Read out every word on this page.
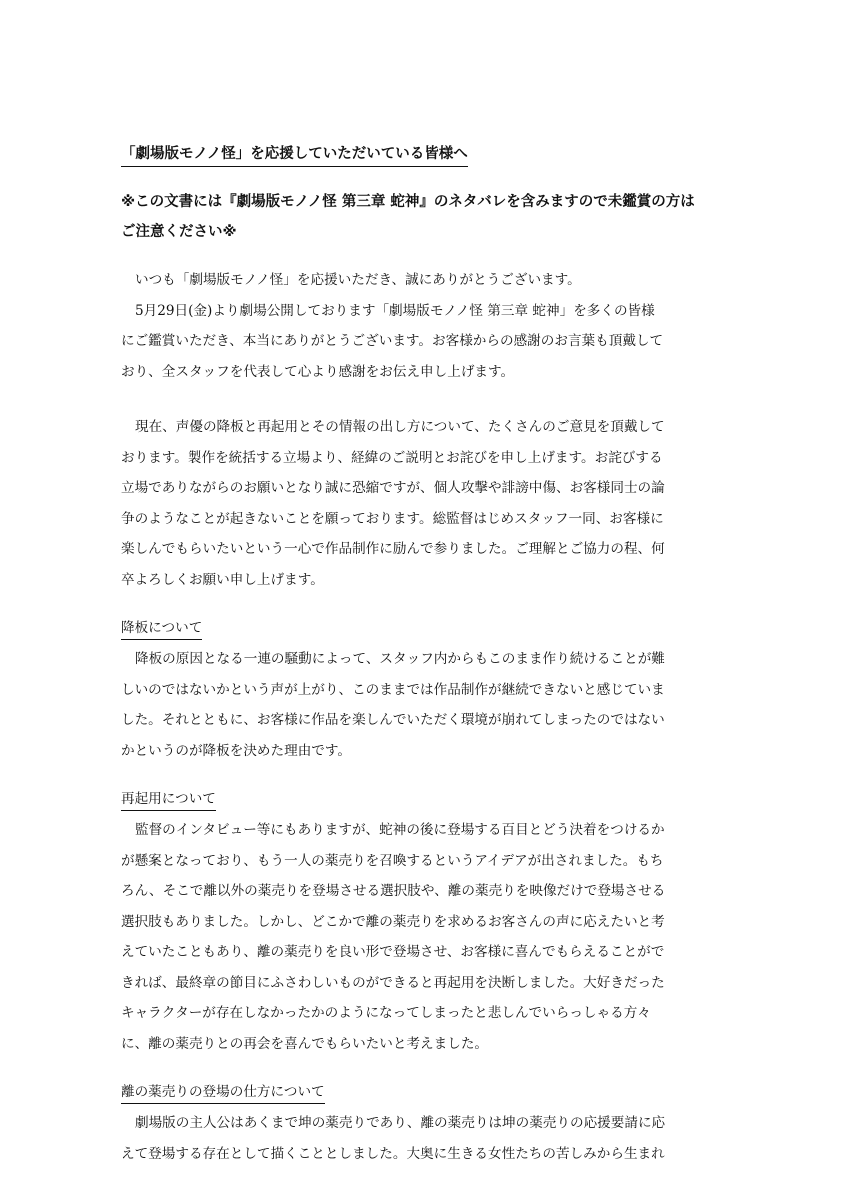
「劇場版モノノ怪」を応援していただいている皆様へ

※この文書には『劇場版モノノ怪 第三章 蛇神』のネタバレを含みますので未鑑賞の方は
ご注意ください※

いつも「劇場版モノノ怪」を応援いただき、誠にありがとうございます。
5月29日(金)より劇場公開しております「劇場版モノノ怪 第三章 蛇神」を多くの皆様
にご鑑賞いただき、本当にありがとうございます。お客様からの感謝のお言葉も頂戴して
おり、全スタッフを代表して心より感謝をお伝え申し上げます。

現在、声優の降板と再起用とその情報の出し方について、たくさんのご意見を頂戴して
おります。製作を統括する立場より、経緯のご説明とお詫びを申し上げます。お詫びする
立場でありながらのお願いとなり誠に恐縮ですが、個人攻撃や誹謗中傷、お客様同士の論
争のようなことが起きないことを願っております。総監督はじめスタッフ一同、お客様に
楽しんでもらいたいという一心で作品制作に励んで参りました。ご理解とご協力の程、何
卒よろしくお願い申し上げます。

降板について

降板の原因となる一連の騒動によって、スタッフ内からもこのまま作り続けることが難
しいのではないかという声が上がり、このままでは作品制作が継続できないと感じていま
した。それとともに、お客様に作品を楽しんでいただく環境が崩れてしまったのではない
かというのが降板を決めた理由です。

再起用について

監督のインタビュー等にもありますが、蛇神の後に登場する百目とどう決着をつけるか
が懸案となっており、もう一人の薬売りを召喚するというアイデアが出されました。もち
ろん、そこで離以外の薬売りを登場させる選択肢や、離の薬売りを映像だけで登場させる
選択肢もありました。しかし、どこかで離の薬売りを求めるお客さんの声に応えたいと考
えていたこともあり、離の薬売りを良い形で登場させ、お客様に喜んでもらえることがで
きれば、最終章の節目にふさわしいものができると再起用を決断しました。大好きだった
キャラクターが存在しなかったかのようになってしまったと悲しんでいらっしゃる方々
に、離の薬売りとの再会を喜んでもらいたいと考えました。

離の薬売りの登場の仕方について

劇場版の主人公はあくまで坤の薬売りであり、離の薬売りは坤の薬売りの応援要請に応
えて登場する存在として描くこととしました。大奥に生きる女性たちの苦しみから生まれ
